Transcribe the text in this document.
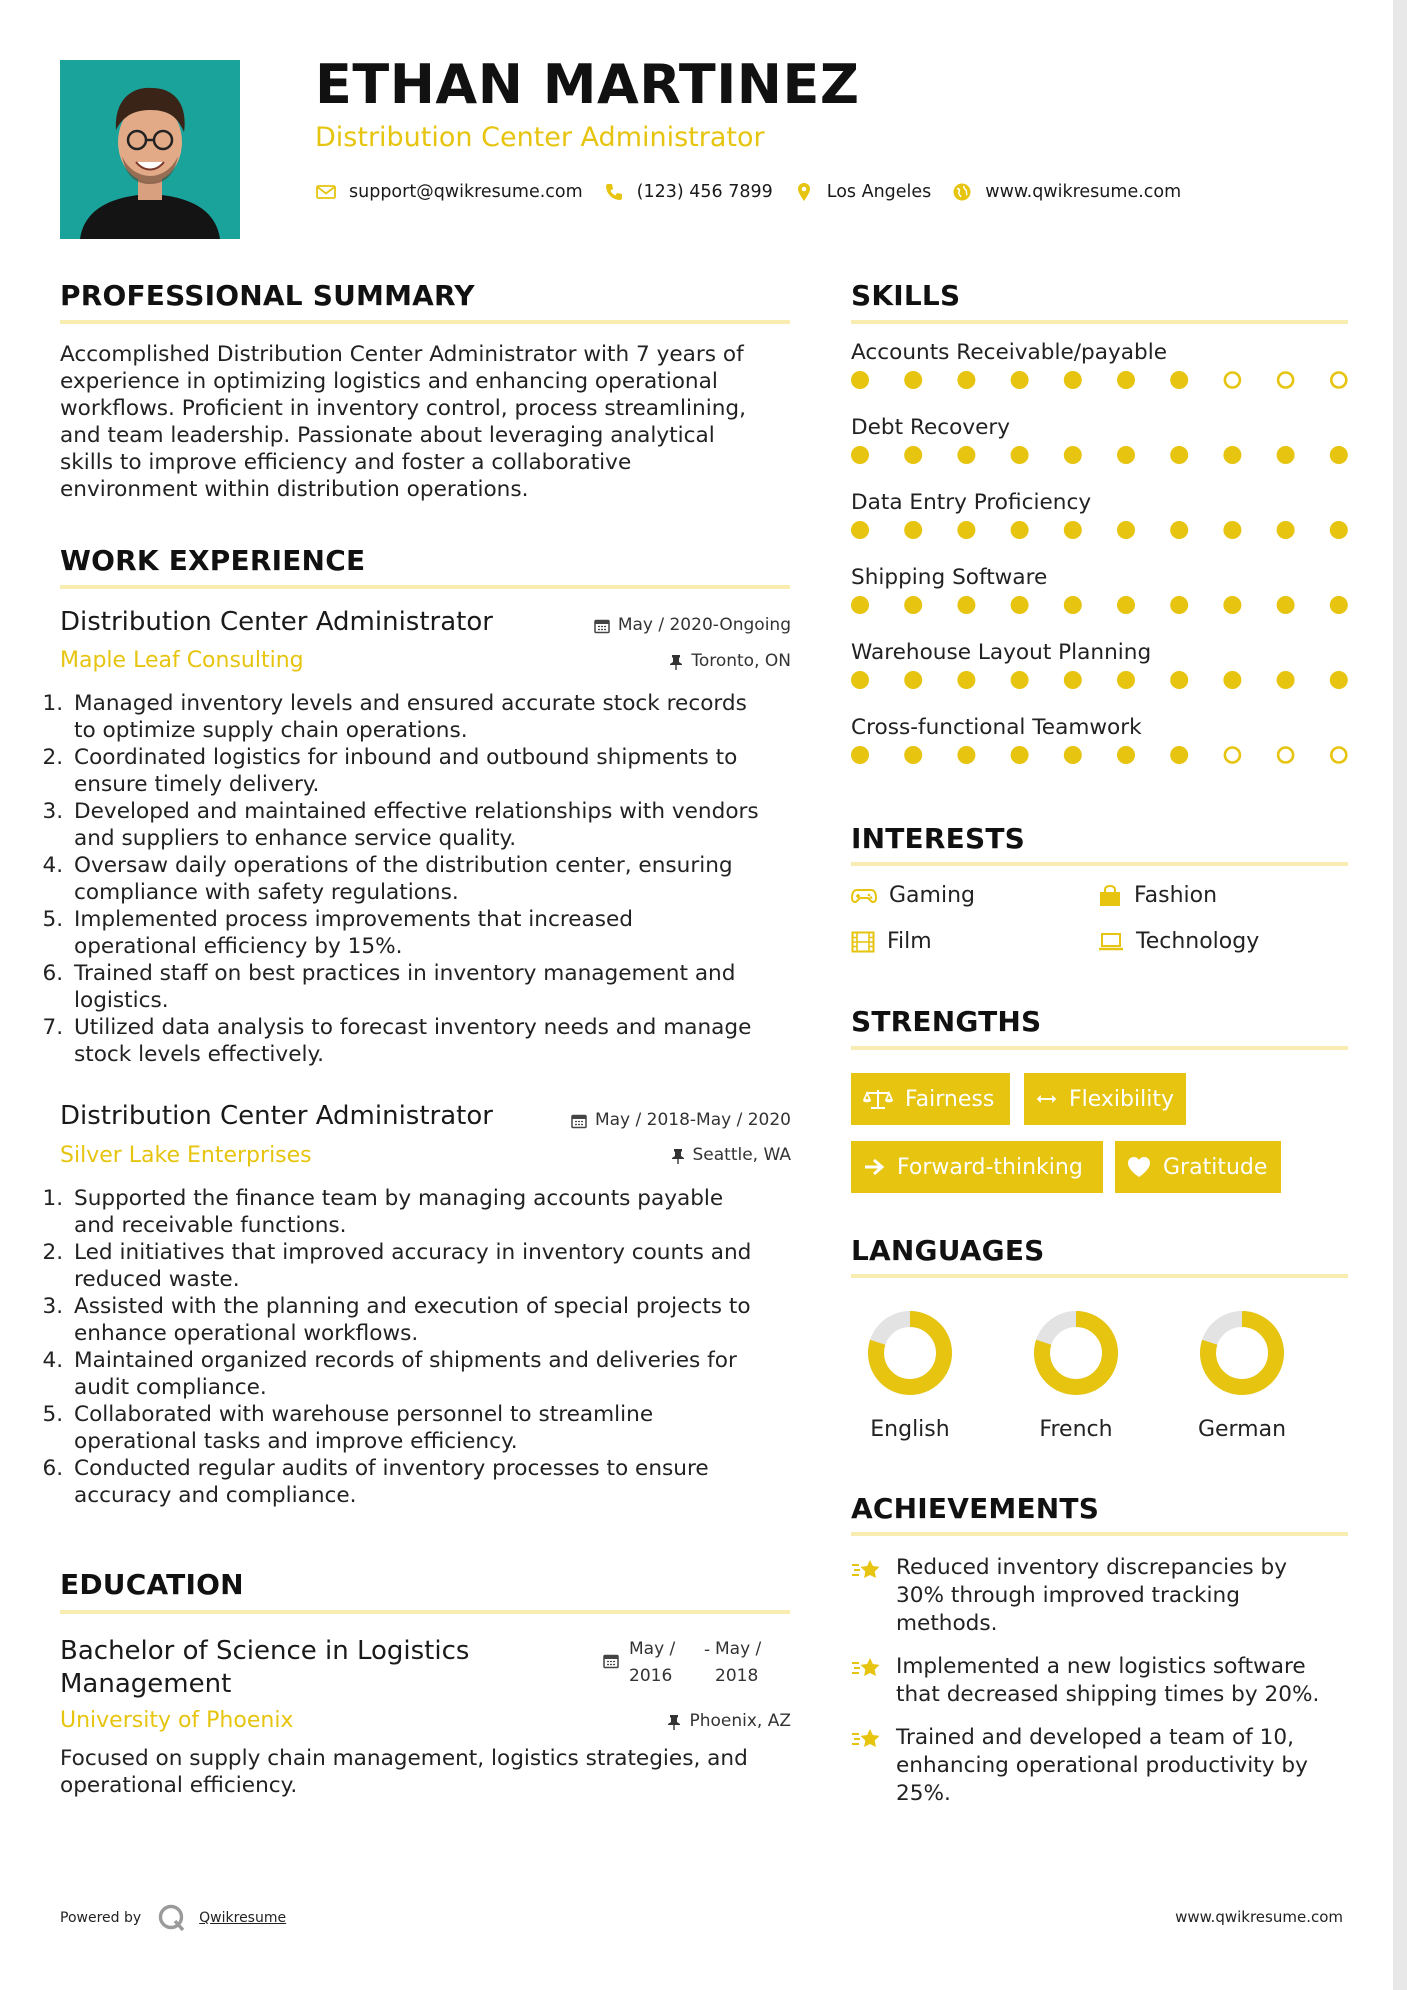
ETHAN MARTINEZ
Distribution Center Administrator
support@qwikresume.com	(123) 456 7899	Los Angeles	www.qwikresume.com
PROFESSIONAL SUMMARY
Accomplished Distribution Center Administrator with 7 years of
experience in optimizing logistics and enhancing operational
workflows. Proficient in inventory control, process streamlining,
and team leadership. Passionate about leveraging analytical
skills to improve efficiency and foster a collaborative
environment within distribution operations.
WORK EXPERIENCE
Distribution Center Administrator	May / 2020-Ongoing
Maple Leaf Consulting	Toronto, ON
1. Managed inventory levels and ensured accurate stock records
to optimize supply chain operations.
2. Coordinated logistics for inbound and outbound shipments to
ensure timely delivery.
3. Developed and maintained effective relationships with vendors
and suppliers to enhance service quality.
4. Oversaw daily operations of the distribution center, ensuring
compliance with safety regulations.
5. Implemented process improvements that increased
operational efficiency by 15%.
6. Trained staff on best practices in inventory management and
logistics.
7. Utilized data analysis to forecast inventory needs and manage
stock levels effectively.
Distribution Center Administrator	May / 2018-May / 2020
Silver Lake Enterprises	Seattle, WA
1. Supported the finance team by managing accounts payable
and receivable functions.
2. Led initiatives that improved accuracy in inventory counts and
reduced waste.
3. Assisted with the planning and execution of special projects to
enhance operational workflows.
4. Maintained organized records of shipments and deliveries for
audit compliance.
5. Collaborated with warehouse personnel to streamline
operational tasks and improve efficiency.
6. Conducted regular audits of inventory processes to ensure
accuracy and compliance.
EDUCATION
Bachelor of Science in Logistics
Management
May /
2016
- May /
2018
University of Phoenix	Phoenix, AZ
Focused on supply chain management, logistics strategies, and
operational efficiency.
SKILLS
Accounts Receivable/payable
Debt Recovery
Data Entry Proficiency
Shipping Software
Warehouse Layout Planning
Cross-functional Teamwork
INTERESTS
Gaming	Fashion
Film	Technology
STRENGTHS
Fairness	Flexibility
Forward-thinking	Gratitude
LANGUAGES
English	French	German
ACHIEVEMENTS
Reduced inventory discrepancies by
30% through improved tracking
methods.
Implemented a new logistics software
that decreased shipping times by 20%.
Trained and developed a team of 10,
enhancing operational productivity by
25%.
Powered by	Qwikresume	www.qwikresume.com
